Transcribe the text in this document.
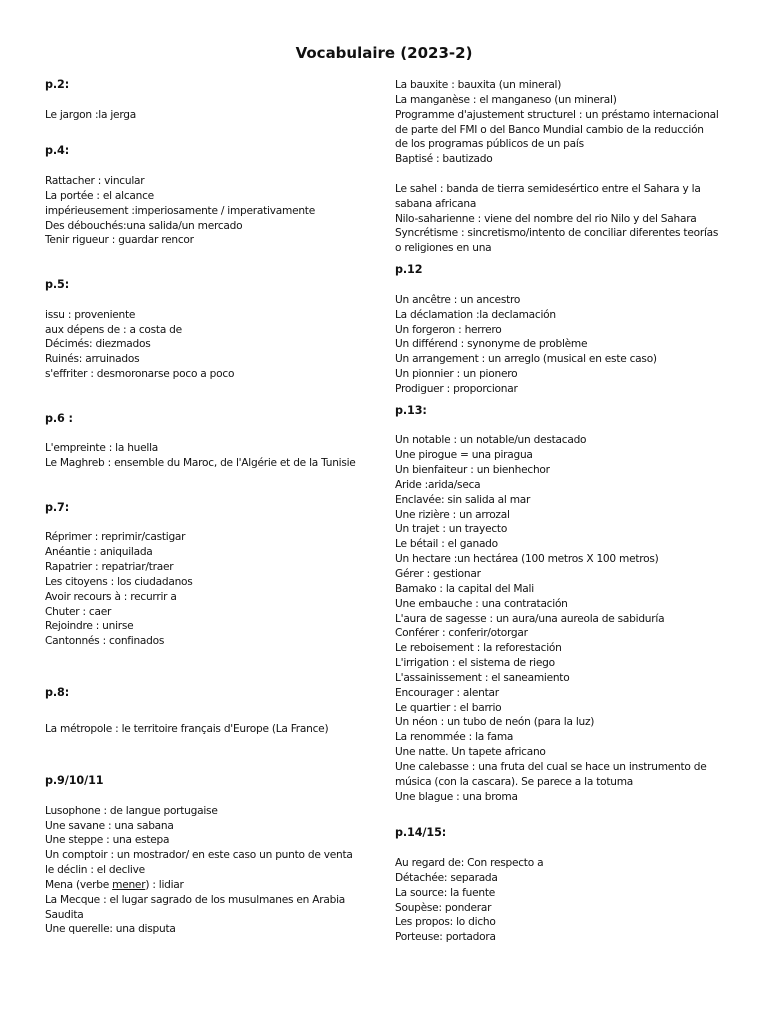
Vocabulaire (2023-2)
p.2:
Le jargon :la jerga
p.4:
Rattacher : vincular
La portée : el alcance
impérieusement :imperiosamente / imperativamente
Des débouchés:una salida/un mercado
Tenir rigueur : guardar rencor
p.5:
issu : proveniente
aux dépens de : a costa de
Décimés: diezmados
Ruinés: arruinados
s'effriter : desmoronarse poco a poco
p.6 :
L'empreinte : la huella
Le Maghreb : ensemble du Maroc, de l'Algérie et de la Tunisie
p.7:
Réprimer : reprimir/castigar
Anéantie : aniquilada
Rapatrier : repatriar/traer
Les citoyens : los ciudadanos
Avoir recours à : recurrir a
Chuter : caer
Rejoindre : unirse
Cantonnés : confinados
p.8:
La métropole : le territoire français d'Europe (La France)
p.9/10/11
Lusophone : de langue portugaise
Une savane : una sabana
Une steppe : una estepa
Un comptoir : un mostrador/ en este caso un punto de venta
le déclin : el declive
Mena (verbe mener) : lidiar
La Mecque : el lugar sagrado de los musulmanes en Arabia
Saudita
Une querelle: una disputa
La bauxite : bauxita (un mineral)
La manganèse : el manganeso (un mineral)
Programme d'ajustement structurel : un préstamo internacional
de parte del FMI o del Banco Mundial cambio de la reducción
de los programas públicos de un país
Baptisé : bautizado
Le sahel : banda de tierra semidesértico entre el Sahara y la
sabana africana
Nilo-saharienne : viene del nombre del rio Nilo y del Sahara
Syncrétisme : sincretismo/intento de conciliar diferentes teorías
o religiones en una
p.12
Un ancêtre : un ancestro
La déclamation :la declamación
Un forgeron : herrero
Un différend : synonyme de problème
Un arrangement : un arreglo (musical en este caso)
Un pionnier : un pionero
Prodiguer : proporcionar
p.13:
Un notable : un notable/un destacado
Une pirogue = una piragua
Un bienfaiteur : un bienhechor
Aride :arida/seca
Enclavée: sin salida al mar
Une rizière : un arrozal
Un trajet : un trayecto
Le bétail : el ganado
Un hectare :un hectárea (100 metros X 100 metros)
Gérer : gestionar
Bamako : la capital del Mali
Une embauche : una contratación
L'aura de sagesse : un aura/una aureola de sabiduría
Conférer : conferir/otorgar
Le reboisement : la reforestación
L'irrigation : el sistema de riego
L'assainissement : el saneamiento
Encourager : alentar
Le quartier : el barrio
Un néon : un tubo de neón (para la luz)
La renommée : la fama
Une natte. Un tapete africano
Une calebasse : una fruta del cual se hace un instrumento de
música (con la cascara). Se parece a la totuma
Une blague : una broma
p.14/15:
Au regard de: Con respecto a
Détachée: separada
La source: la fuente
Soupèse: ponderar
Les propos: lo dicho
Porteuse: portadora
